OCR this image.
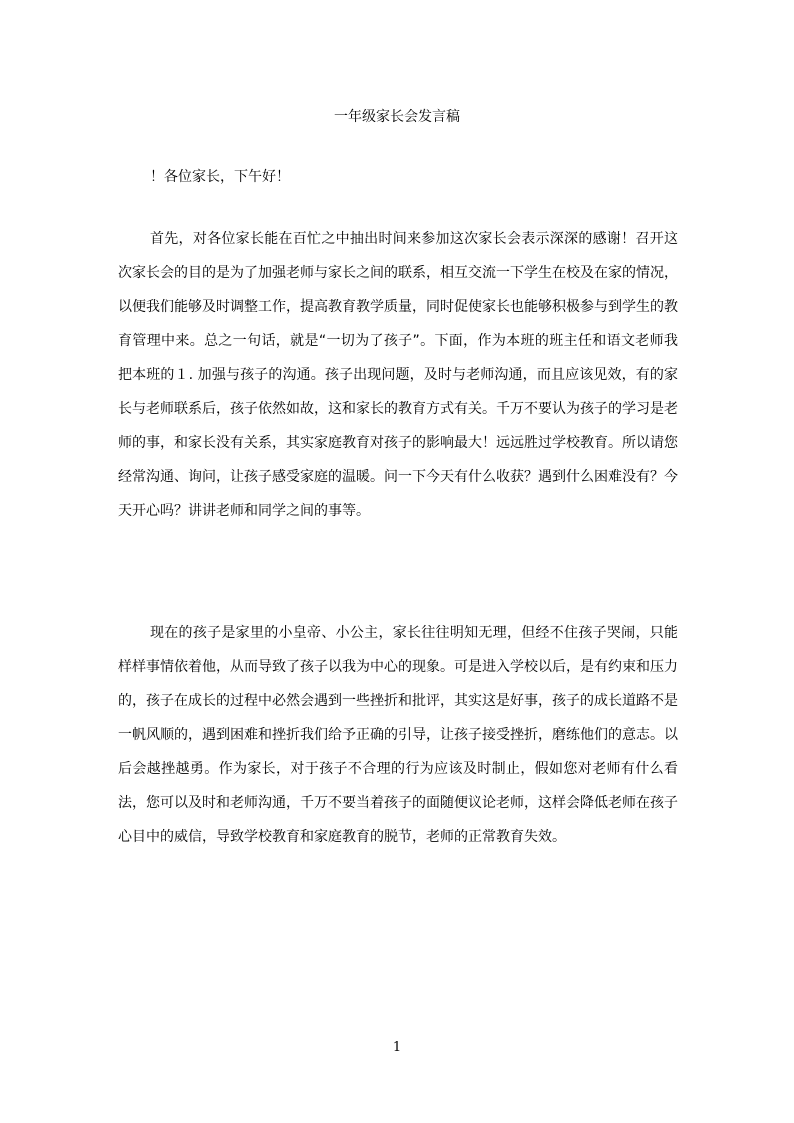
一年级家长会发言稿
！各位家长，下午好！

首先，对各位家长能在百忙之中抽出时间来参加这次家长会表示深深的感谢！召开这次家长会的目的是为了加强老师与家长之间的联系，相互交流一下学生在校及在家的情况，以便我们能够及时调整工作，提高教育教学质量，同时促使家长也能够积极参与到学生的教育管理中来。总之一句话，就是“一切为了孩子”。下面，作为本班的班主任和语文老师我把本班的１. 加强与孩子的沟通。孩子出现问题，及时与老师沟通，而且应该见效，有的家长与老师联系后，孩子依然如故，这和家长的教育方式有关。千万不要认为孩子的学习是老师的事，和家长没有关系，其实家庭教育对孩子的影响最大！远远胜过学校教育。所以请您经常沟通、询问，让孩子感受家庭的温暖。问一下今天有什么收获？遇到什么困难没有？今天开心吗？讲讲老师和同学之间的事等。

现在的孩子是家里的小皇帝、小公主，家长往往明知无理，但经不住孩子哭闹，只能样样事情依着他，从而导致了孩子以我为中心的现象。可是进入学校以后，是有约束和压力的，孩子在成长的过程中必然会遇到一些挫折和批评，其实这是好事，孩子的成长道路不是一帆风顺的，遇到困难和挫折我们给予正确的引导，让孩子接受挫折，磨练他们的意志。以后会越挫越勇。作为家长，对于孩子不合理的行为应该及时制止，假如您对老师有什么看法，您可以及时和老师沟通，千万不要当着孩子的面随便议论老师，这样会降低老师在孩子心目中的威信，导致学校教育和家庭教育的脱节，老师的正常教育失效。

1
